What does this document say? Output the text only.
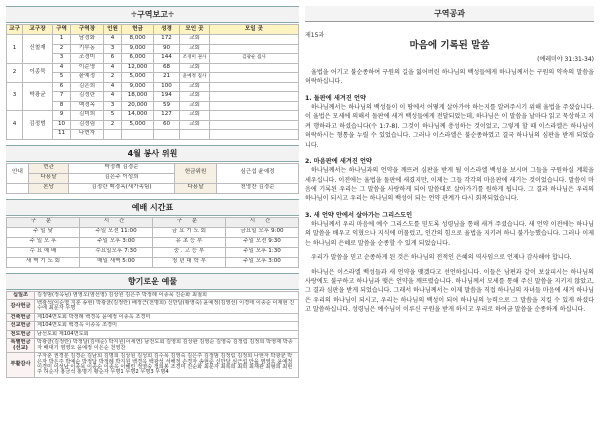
♱구역보고♱
교구	교구장	구역	구역장	인원	헌금	성경	모인 곳	모일 곳
1	신철재	1	남경화	4	8,000	172	교회	
		2	기부동	3	9,000	90	교회	
		3	조경미	6	6,000	144	조경미 권사	김광순 집사
2	이종묵	4	이순영	4	12,000	68	교회	
		5	윤예정	2	5,000	21	윤예정 집사	
3	박광균	6	김은희	4	9,000	100	교회	
		7	김정란	4	18,000	194	교회	
		8	백경옥	3	20,000	59	교회	
4	김정범	9	김미희	5	14,000	127	교회	
		10	김정림	2	5,000	60	교회	
		11	나현자					
4월 봉사 위원
안내	현관	박정례 김경순	헌금위원	심근섭 윤예정
	다용달	김은주 이성희		
	본당	김정란 백경옥(새가족팀)	다용달	천영찬 김경순
예배 시간표
구 분	시 간	구 분	시 간
주 일 낮	주일 오전 11:00	금 요 기 도 회	금요일 오후 9:00
주 일 오 후	주일 오후 3:00	유 초 등 부	주일 오전 9:30
수 요 예 배	수요일오후 7:30	중 . 고 등 부	주일 오후 1:30
새 벽 기 도 회	매일 새벽 5:00	청 년 대 학 부	주일 오후 3:00
향기로운 예물
십일조	김정범(정옥님) 염영오(염선영) 김상원 김은주 박정례 이종묵 진순화 최철희
감사헌금	백광석(이순영 지훈 송현) 박광균(김정란) 배정근(천명희) 신만달(황영숙) 윤예정(김영선) 이경태 이종순 이재현 진수에 최문자 무명
건축헌금	제104면도회 박정례 백경옥 윤예정 이종옥 조경미
선교헌금	제104면도회 백경옥 이종옥 조경미
전도헌금	남선도회 제104면도회
특별헌금 (선교)	박광균(김정란) 박정달(김태순) 박지원(이세연) 남전도회 김영희 김상완 김영순 김영숙 김정림 김정희 박영재 박종자 배대기 염영오 윤예정 이은순 천영찬
부활감사	구자훈 권경분 김경순 김남희 김명희 김상원 김성희 김수목 김영숙 김은주 김정범 김정림 김정희 나현자 박광균 박은자 박은주 박예순 박정달 박정례 박지원 백경옥 백광석 서해정 손경자 송현준 신만달 심근섭 안을 염영오 윤예정 이경미 이성남 이종묵 이종순 이종옥 이혜린 정영숙 정희봉 조경미 진순화 최문자 최복희 최희 최재관 최형희 최현주 허순자 홍금석 홍명기 황순자 무명1 무명2 무명3 무명4
구역공과
제15과
마음에 기록된 말씀
(예레미야 31:31-34)
율법을 어기고 불순종하여 구원의 길을 잃어버린 하나님의 백성들에게 하나님께서는 구원의 약속의 말씀을 허락하십니다.
1. 돌판에 새겨진 언약
하나님께서는 하나님의 백성들이 이 땅에서 어떻게 살아가야 하는지를 알려주시기 위해 율법을 주셨습니다. 이 율법은 모세에 의해서 돌판에 새겨 백성들에게 전달되었는데, 하나님은 이 말씀을 날마다 읽고 묵상하고 지켜 행하라고 하셨습니다(수 1:7-8). 그것이 하나님께 충성하는 것이었고, 그렇게 할 때 이스라엘은 하나님이 허락하시는 형통을 누릴 수 있었습니다. 그러나 이스라엘은 불순종하였고 결국 하나님의 심판을 받게 되었습니다.
2. 마음판에 새겨진 언약
하나님께서는 하나님과의 언약을 깨뜨려 심판을 받게 될 이스라엘 백성을 보시며 그들을 구원하실 계획을 세우십니다. 이전에는 율법을 돌판에 새겼지만, 이제는 그들 각각의 마음판에 새기는 것이었습니다. 말씀이 마음에 기록된 우리는 그 말씀을 사랑하게 되어 말씀대로 살아가기를 원하게 됩니다. 그 결과 하나님은 우리의 하나님이 되시고 우리는 하나님의 백성이 되는 언약 관계가 다시 회복되었습니다.
3. 새 언약 안에서 살아가는 그리스도인
하나님께서 우리 마음에 예수 그리스도를 믿도록 성령님을 통해 새겨 주셨습니다. 새 언약 이전에는 하나님의 말씀을 배우고 익혔으나 지식에 머물렀고, 인간의 힘으로 율법을 지키려 하니 불가능했습니다. 그러나 이제는 하나님의 은혜로 말씀을 순종할 수 있게 되었습니다.
우리가 말씀을 믿고 순종하게 된 것은 하나님의 전적인 은혜의 역사임으로 언제나 감사해야 합니다.
하나님은 이스라엘 백성들과 새 언약을 맺겠다고 선언하십니다. 이들은 남편과 같이 보살피시는 하나님의 사랑에도 불구하고 하나님과 맺은 언약을 깨뜨렸습니다. 하나님께서 모세를 통해 주신 말씀을 지키지 않았고, 그 결과 심판을 받게 되었습니다. 그래서 하나님께서는 이제 말씀을 직접 하나님의 자녀들 마음에 새겨 하나님은 우리의 하나님이 되시고, 우리는 하나님의 백성이 되어 하나님의 능력으로 그 말씀을 지킬 수 있게 하셨다고 말씀하십니다. 성령님은 예수님이 이루신 구원을 받게 하시고 우리로 하여금 말씀을 순종하게 하십니다.
